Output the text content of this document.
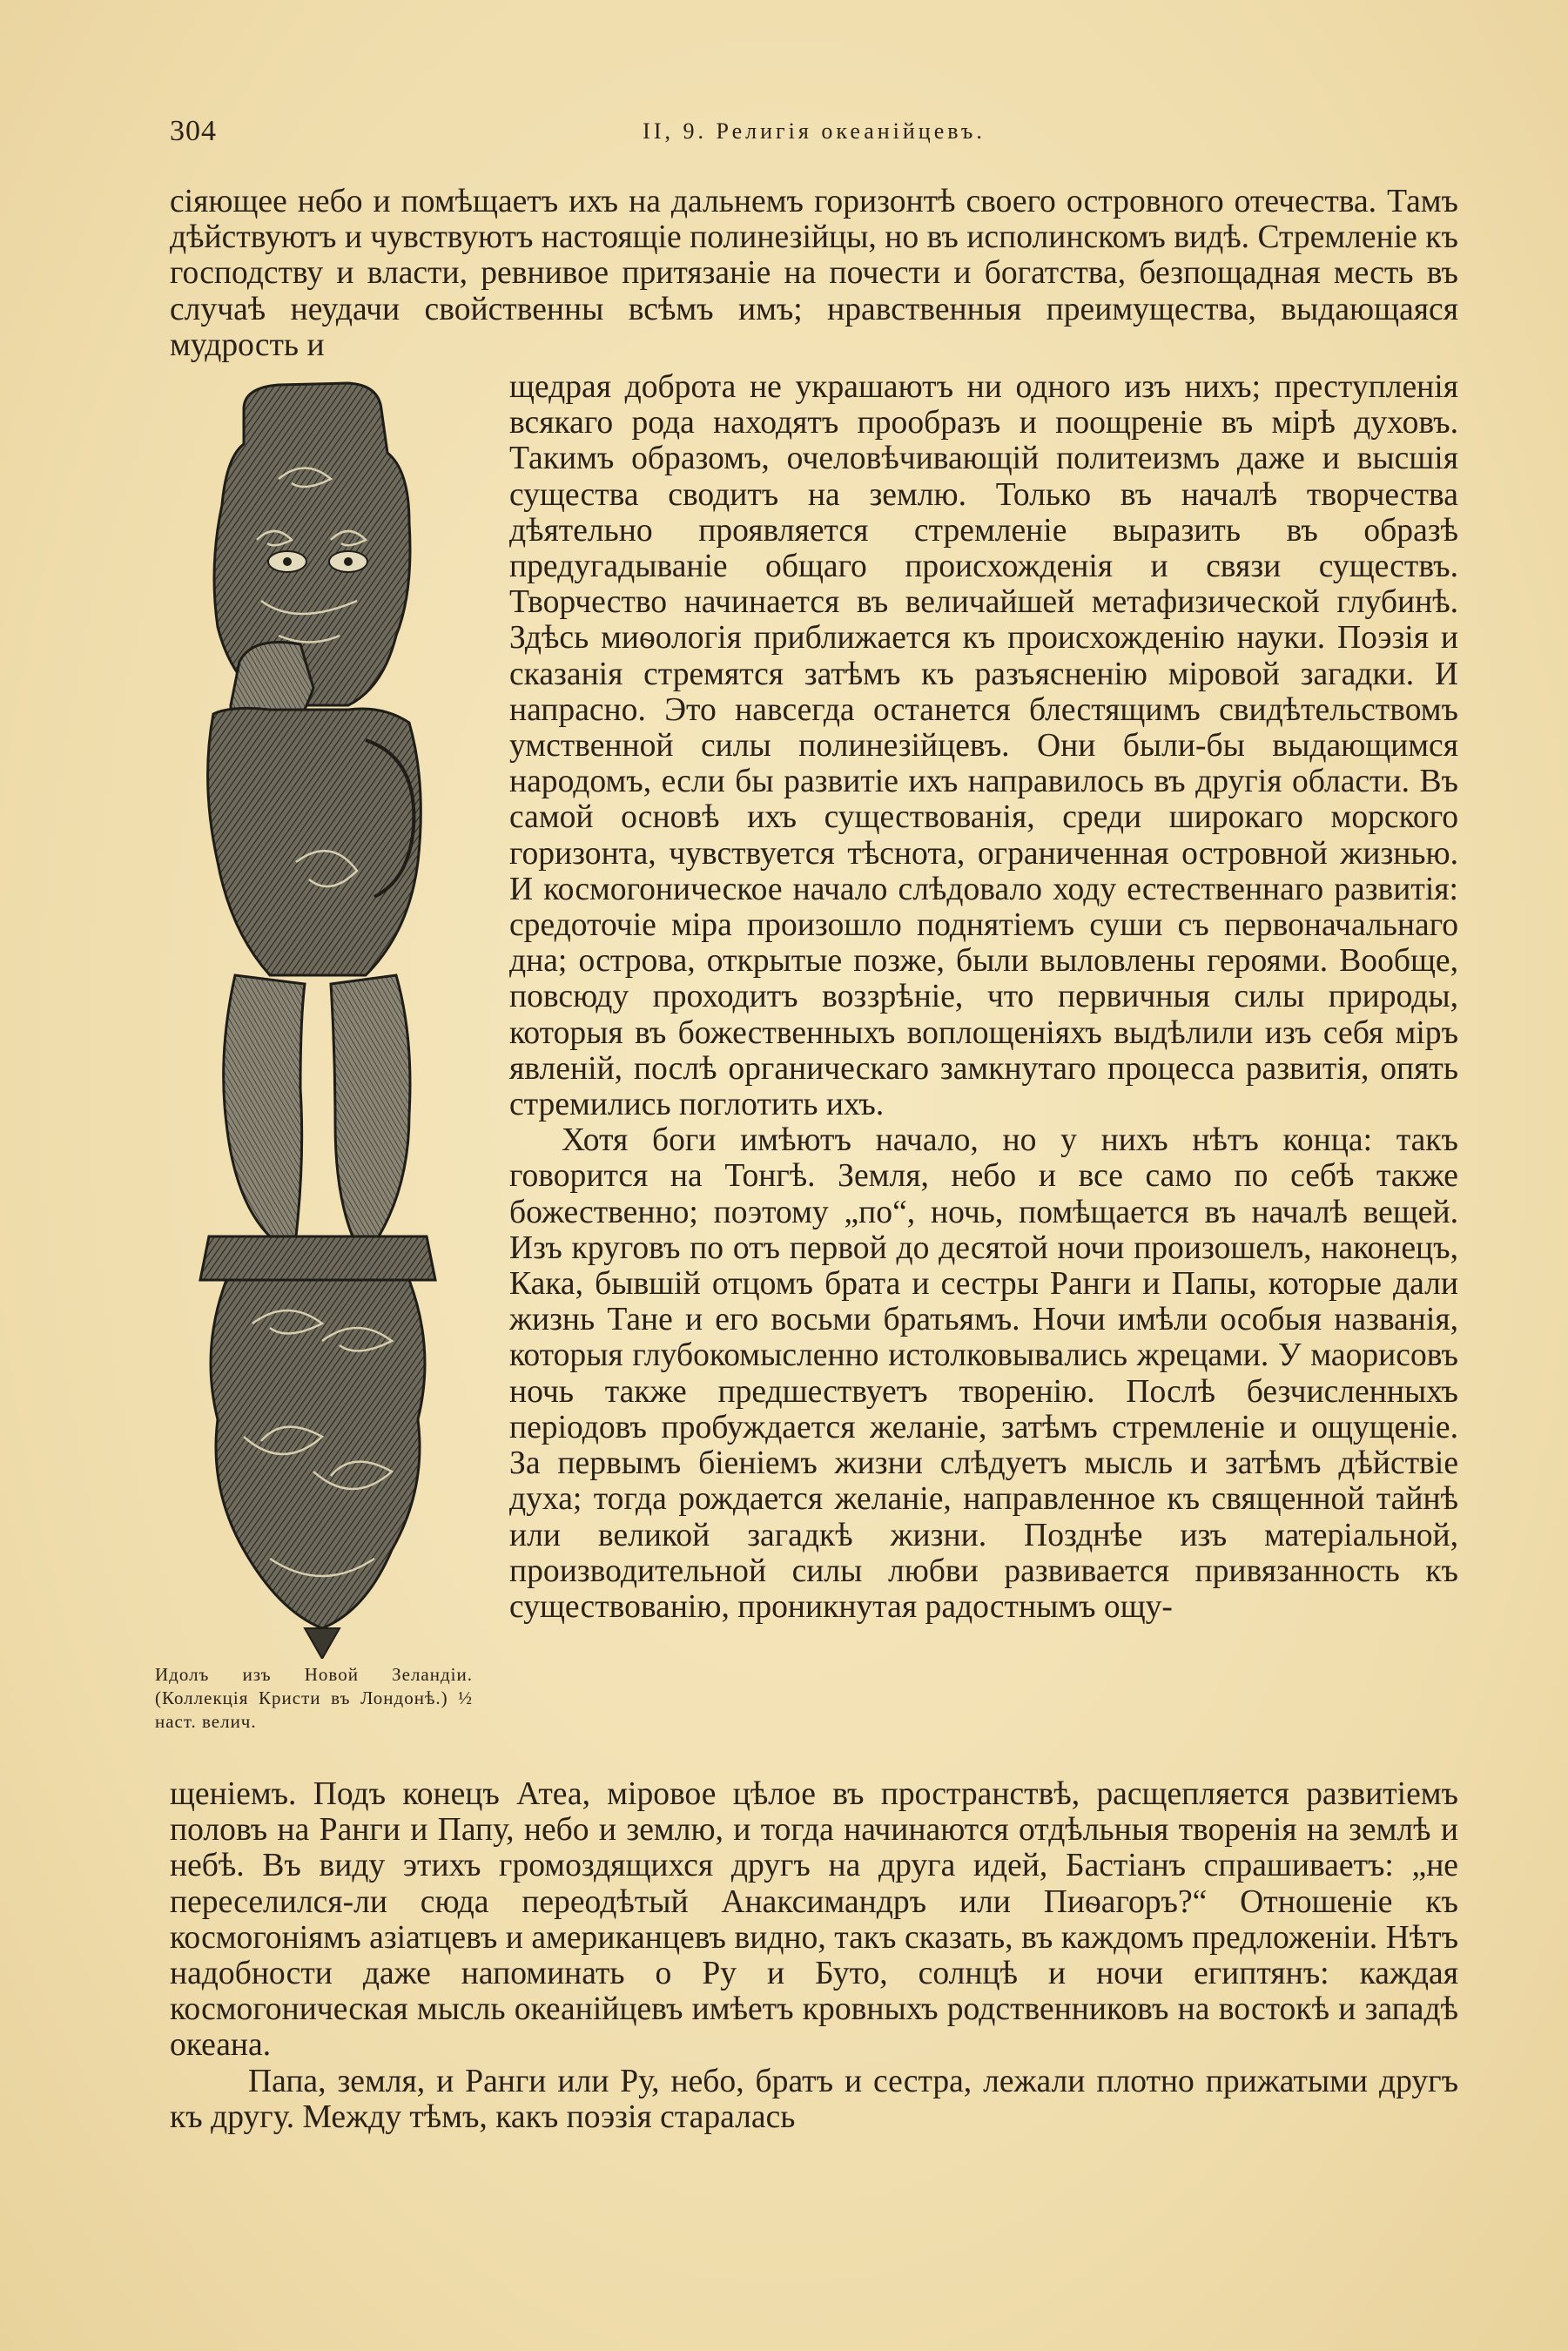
304	II, 9. Религія океанійцевъ.

сіяющее небо и помѣщаетъ ихъ на дальнемъ горизонтѣ своего островного отечества. Тамъ дѣйствуютъ и чувствуютъ настоящіе полинезійцы, но въ исполинскомъ видѣ. Стремленіе къ господству и власти, ревнивое притязаніе на почести и богатства, безпощадная месть въ случаѣ неудачи свойственны всѣмъ имъ; нравственныя преимущества, выдающаяся мудрость и

Идолъ изъ Новой Зеландіи. (Коллекція Кристи въ Лондонѣ.) ½ наст. велич.

щедрая доброта не украшаютъ ни одного изъ нихъ; преступленія всякаго рода находятъ прообразъ и поощреніе въ мірѣ духовъ. Такимъ образомъ, очеловѣчивающій политеизмъ даже и высшія существа сводитъ на землю. Только въ началѣ творчества дѣятельно проявляется стремленіе выразить въ образѣ предугадываніе общаго происхожденія и связи существъ. Творчество начинается въ величайшей метафизической глубинѣ. Здѣсь миѳологія приближается къ происхожденію науки. Поэзія и сказанія стремятся затѣмъ къ разъясненію міровой загадки. И напрасно. Это навсегда останется блестящимъ свидѣтельствомъ умственной силы полинезійцевъ. Они были-бы выдающимся народомъ, если бы развитіе ихъ направилось въ другія области. Въ самой основѣ ихъ существованія, среди широкаго морского горизонта, чувствуется тѣснота, ограниченная островной жизнью. И космогоническое начало слѣдовало ходу естественнаго развитія: средоточіе міра произошло поднятіемъ суши съ первоначальнаго дна; острова, открытые позже, были выловлены героями. Вообще, повсюду проходитъ воззрѣніе, что первичныя силы природы, которыя въ божественныхъ воплощеніяхъ выдѣлили изъ себя міръ явленій, послѣ органическаго замкнутаго процесса развитія, опять стремились поглотить ихъ.

Хотя боги имѣютъ начало, но у нихъ нѣтъ конца: такъ говорится на Тонгѣ. Земля, небо и все само по себѣ также божественно; поэтому „по“, ночь, помѣщается въ началѣ вещей. Изъ круговъ по отъ первой до десятой ночи произошелъ, наконецъ, Кака, бывшій отцомъ брата и сестры Ранги и Папы, которые дали жизнь Тане и его восьми братьямъ. Ночи имѣли особыя названія, которыя глубокомысленно истолковывались жрецами. У маорисовъ ночь также предшествуетъ творенію. Послѣ безчисленныхъ періодовъ пробуждается желаніе, затѣмъ стремленіе и ощущеніе. За первымъ біеніемъ жизни слѣдуетъ мысль и затѣмъ дѣйствіе духа; тогда рождается желаніе, направленное къ священной тайнѣ или великой загадкѣ жизни. Позднѣе изъ матеріальной, производительной силы любви развивается привязанность къ существованію, проникнутая радостнымъ ощу-

щеніемъ. Подъ конецъ Атеа, міровое цѣлое въ пространствѣ, расщепляется развитіемъ половъ на Ранги и Папу, небо и землю, и тогда начинаются отдѣльныя творенія на землѣ и небѣ. Въ виду этихъ громоздящихся другъ на друга идей, Бастіанъ спрашиваетъ: „не переселился-ли сюда переодѣтый Анаксимандръ или Пиѳагоръ?“ Отношеніе къ космогоніямъ азіатцевъ и американцевъ видно, такъ сказать, въ каждомъ предложеніи. Нѣтъ надобности даже напоминать о Ру и Буто, солнцѣ и ночи египтянъ: каждая космогоническая мысль океанійцевъ имѣетъ кровныхъ родственниковъ на востокѣ и западѣ океана.

Папа, земля, и Ранги или Ру, небо, братъ и сестра, лежали плотно прижатыми другъ къ другу. Между тѣмъ, какъ поэзія старалась
